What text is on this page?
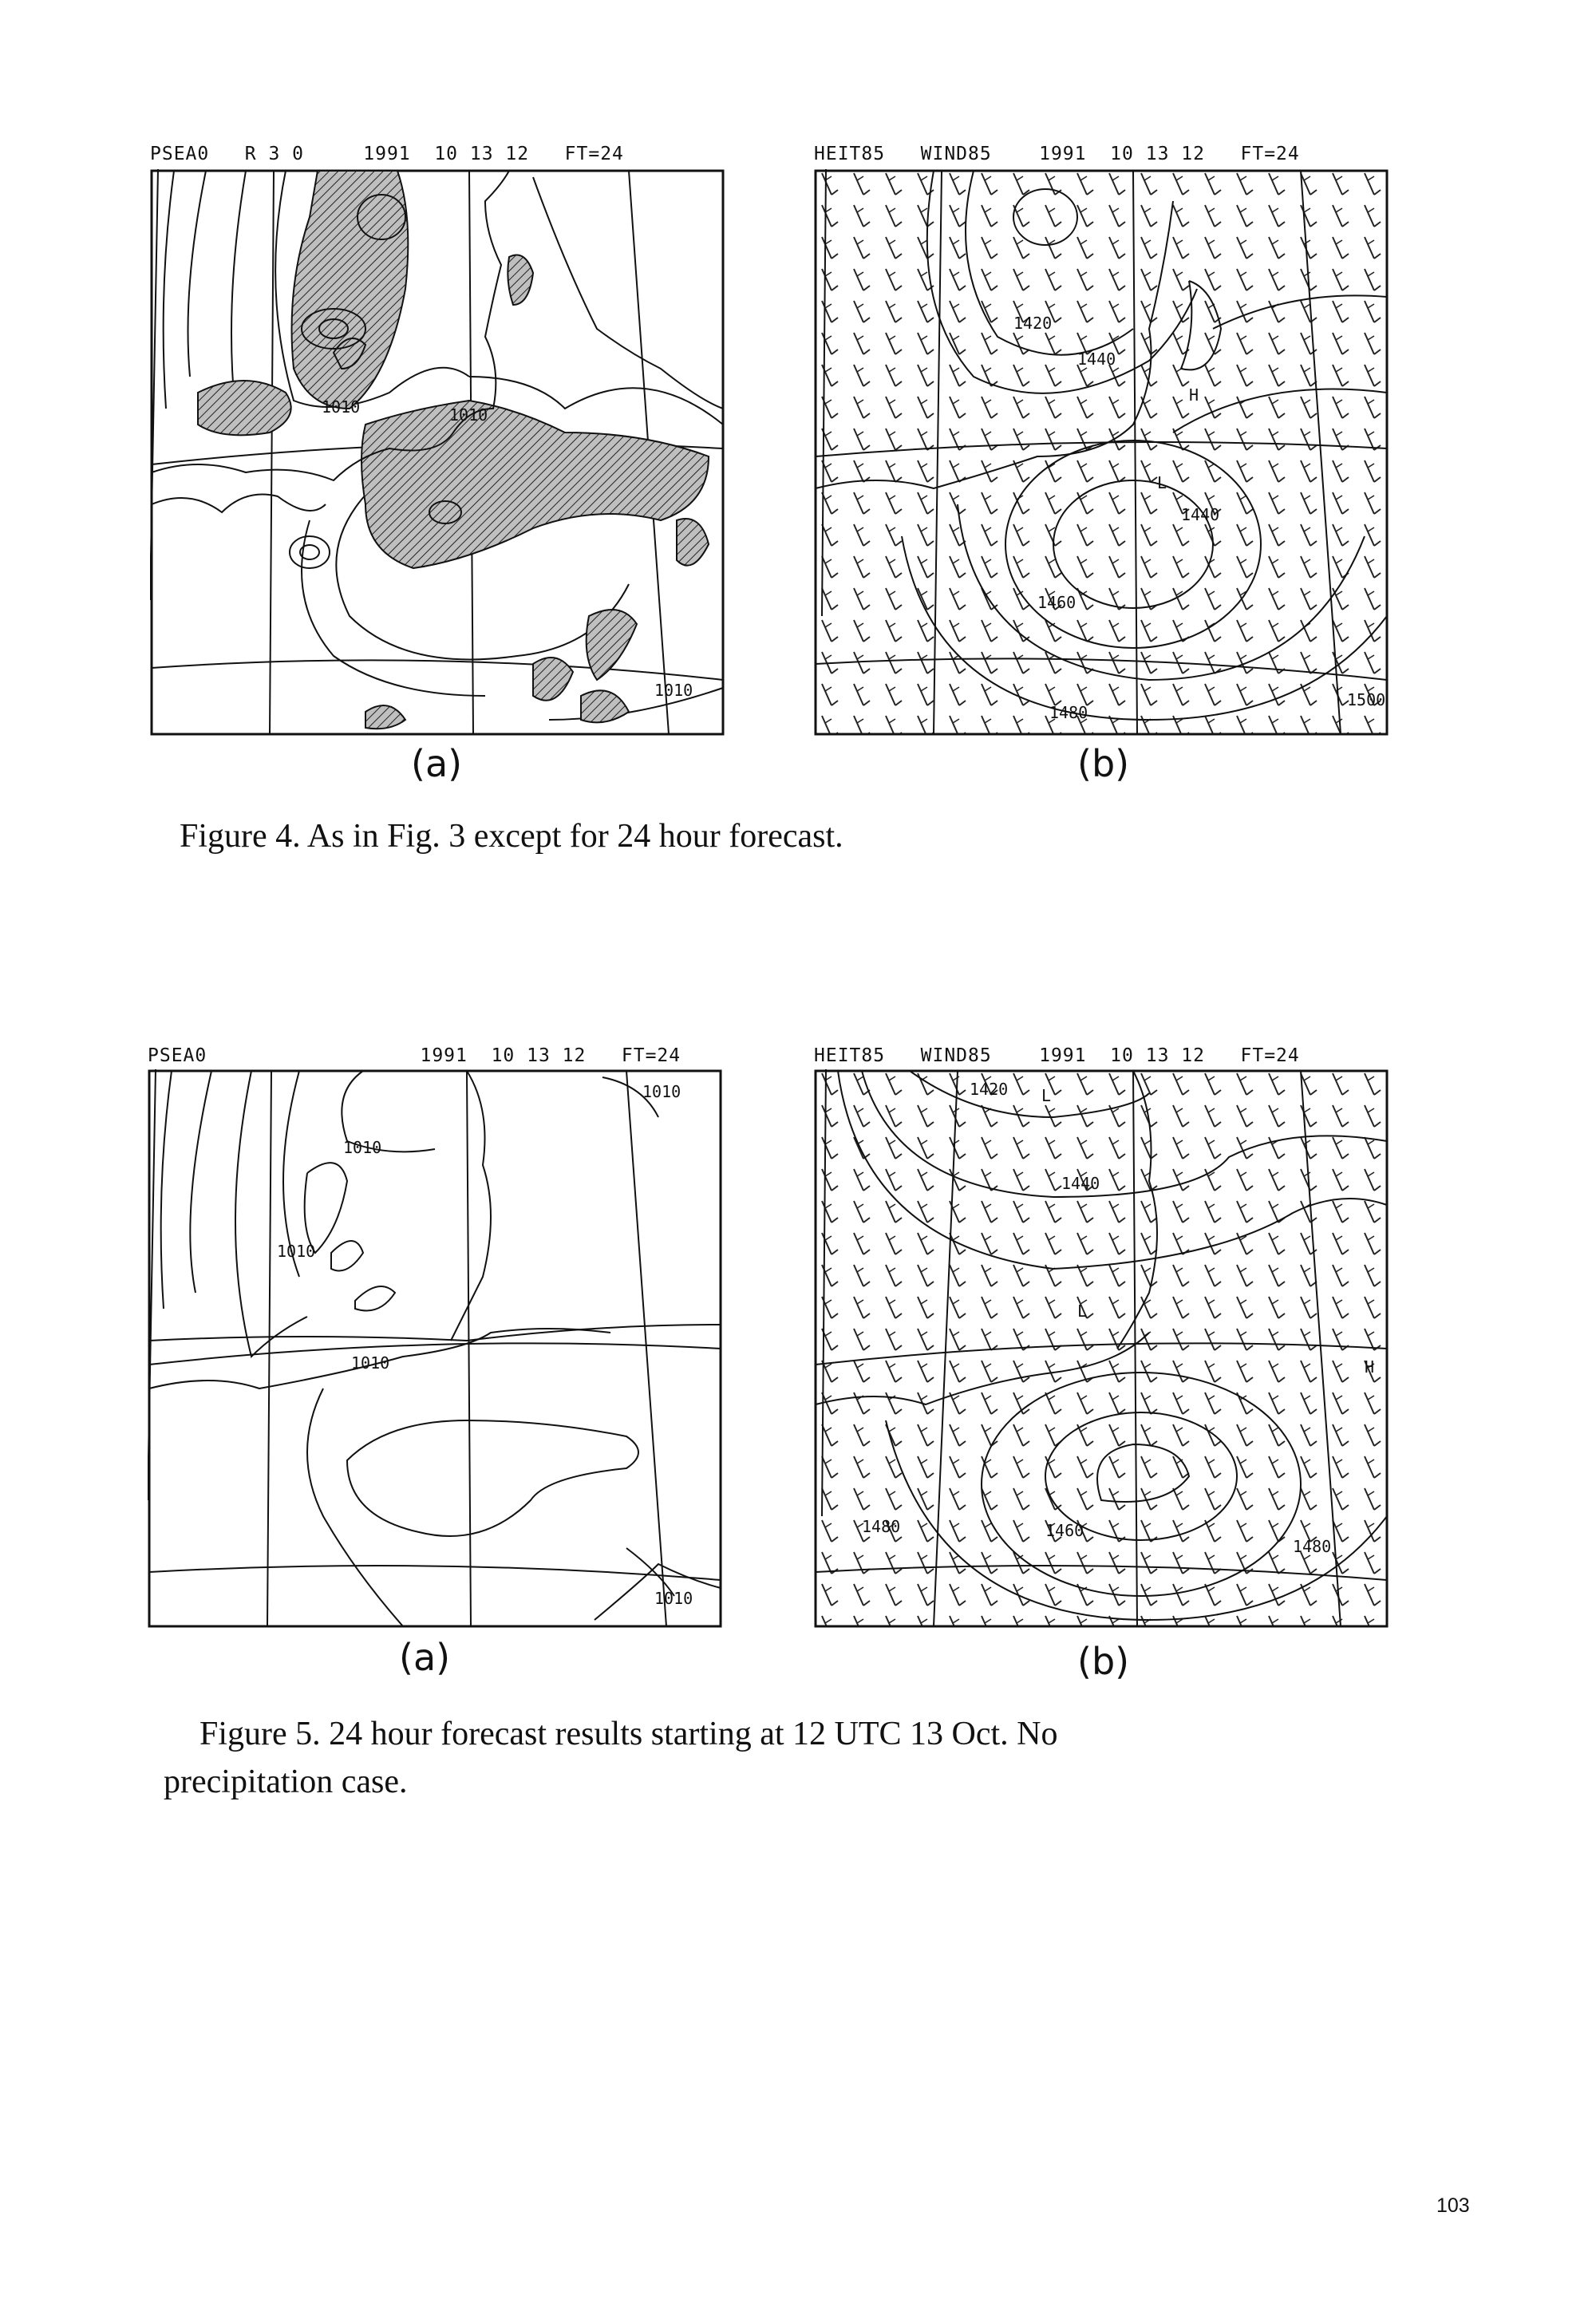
PSEA0   R 3 0     1991  10 13 12   FT=24	HEIT85   WIND85    1991  10 13 12   FT=24
1010	1010
1010
1420
1440
1440
1460
1480
1500
H
L
(a)	(b)
Figure 4. As in Fig. 3 except for 24 hour forecast.
PSEA0                  1991  10 13 12   FT=24	HEIT85   WIND85    1991  10 13 12   FT=24
1010
1010
1010
1010
1010
1420
1440
1480	1460
1480
L
L
H
(a)	(b)
Figure 5. 24 hour forecast results starting at 12 UTC 13 Oct. No
precipitation case.
103
